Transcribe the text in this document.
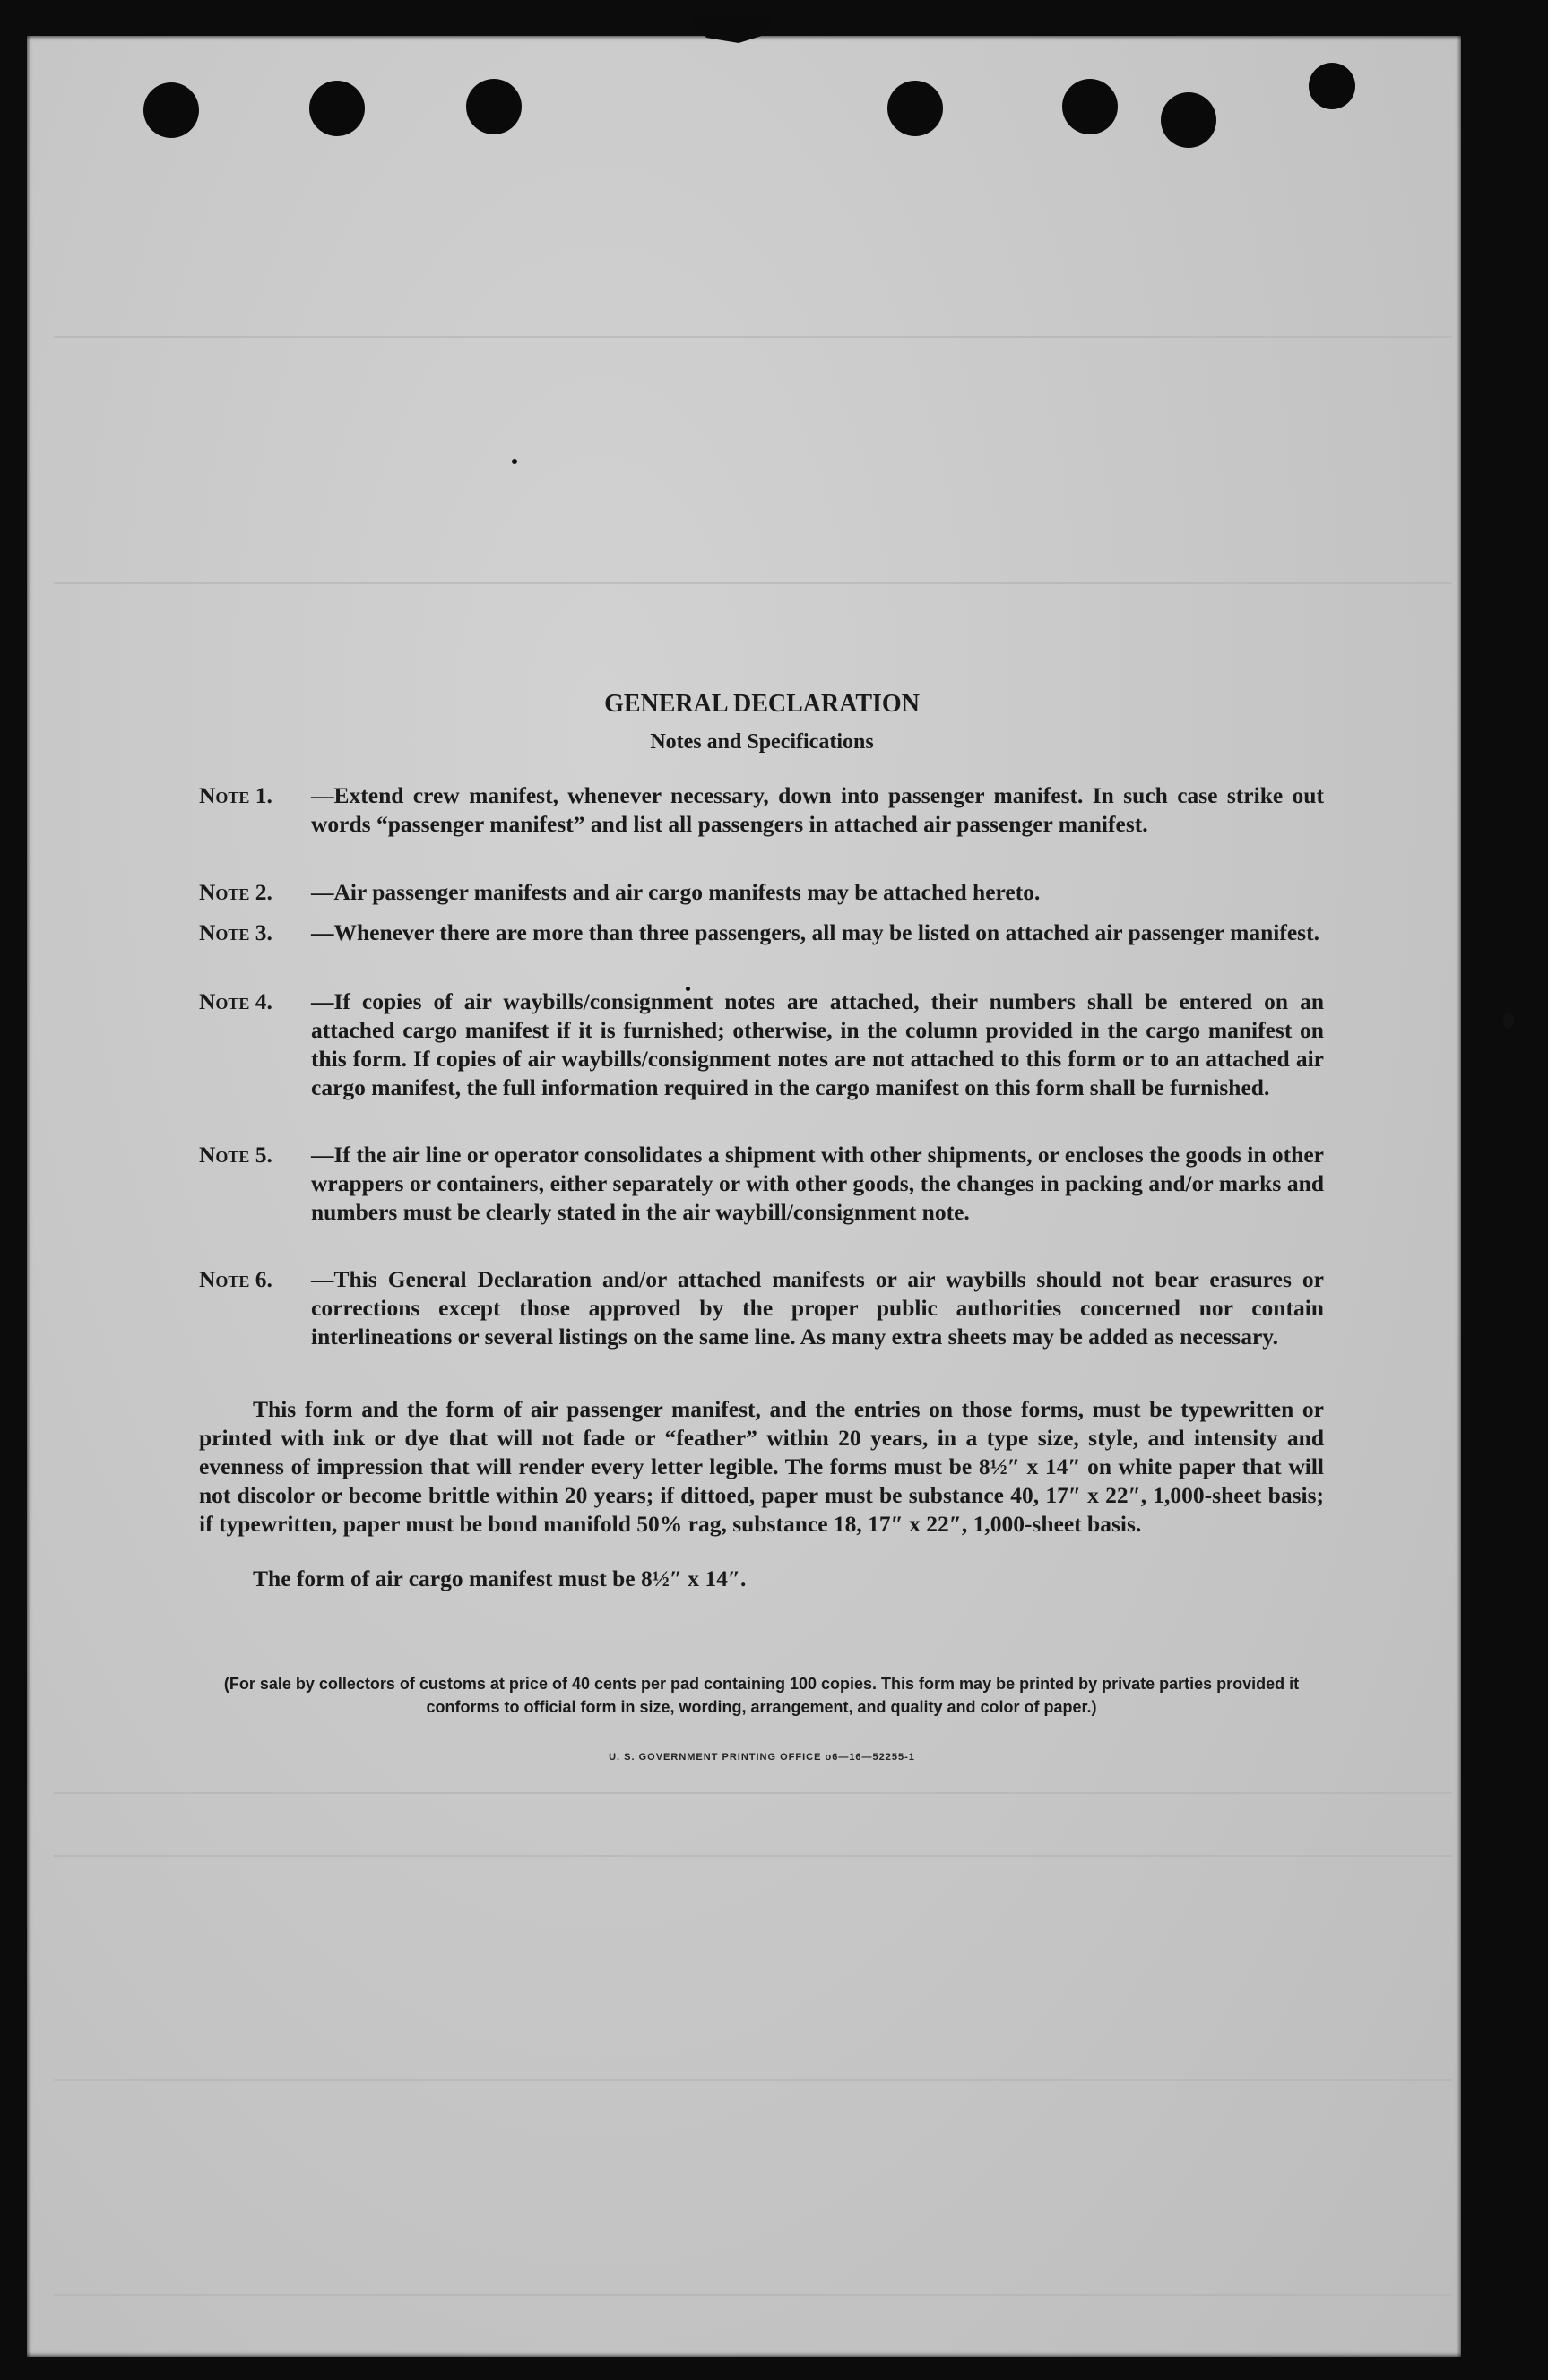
GENERAL DECLARATION
Notes and Specifications
Note 1.	—Extend crew manifest, whenever necessary, down into passenger manifest. In such case strike out words “passenger manifest” and list all passengers in attached air passenger manifest.
Note 2.	—Air passenger manifests and air cargo manifests may be attached hereto.
Note 3.	—Whenever there are more than three passengers, all may be listed on attached air passenger manifest.
Note 4.	—If copies of air waybills/consignment notes are attached, their numbers shall be entered on an attached cargo manifest if it is furnished; otherwise, in the column provided in the cargo manifest on this form. If copies of air waybills/consignment notes are not attached to this form or to an attached air cargo manifest, the full information required in the cargo manifest on this form shall be furnished.
Note 5.	—If the air line or operator consolidates a shipment with other shipments, or encloses the goods in other wrappers or containers, either separately or with other goods, the changes in packing and/or marks and numbers must be clearly stated in the air waybill/consignment note.
Note 6.	—This General Declaration and/or attached manifests or air waybills should not bear erasures or corrections except those approved by the proper public authorities concerned nor contain interlineations or several listings on the same line. As many extra sheets may be added as necessary.
This form and the form of air passenger manifest, and the entries on those forms, must be typewritten or printed with ink or dye that will not fade or “feather” within 20 years, in a type size, style, and intensity and evenness of impression that will render every letter legible. The forms must be 8½″ x 14″ on white paper that will not discolor or become brittle within 20 years; if dittoed, paper must be substance 40, 17″ x 22″, 1,000-sheet basis; if typewritten, paper must be bond manifold 50% rag, substance 18, 17″ x 22″, 1,000-sheet basis.
The form of air cargo manifest must be 8½″ x 14″.
(For sale by collectors of customs at price of 40 cents per pad containing 100 copies. This form may be printed by private parties provided it conforms to official form in size, wording, arrangement, and quality and color of paper.)
U. S. GOVERNMENT PRINTING OFFICE o6—16—52255-1
